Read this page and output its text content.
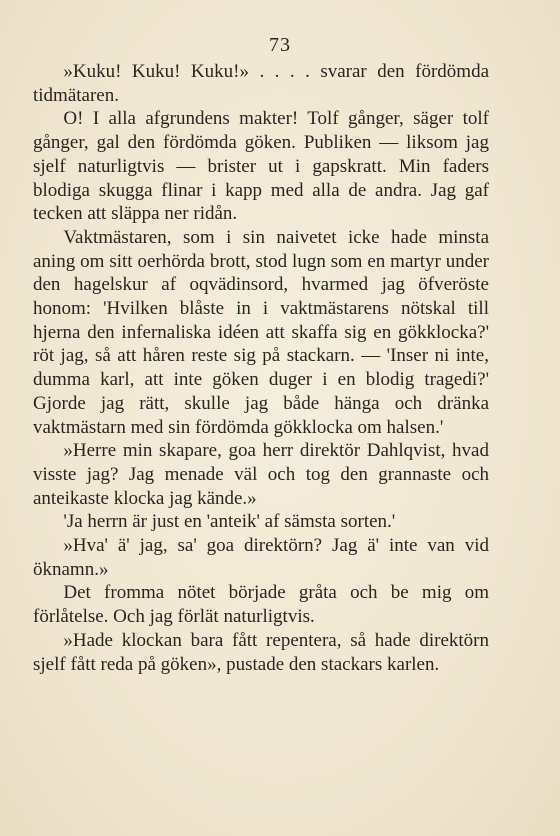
73

»Kuku! Kuku! Kuku!» . . . . svarar den fördömda tidmätaren.

O! I alla afgrundens makter! Tolf gånger, säger tolf gånger, gal den fördömda göken. Publiken — liksom jag sjelf naturligtvis — brister ut i gapskratt. Min faders blodiga skugga flinar i kapp med alla de andra. Jag gaf tecken att släppa ner ridån.

Vaktmästaren, som i sin naivetet icke hade minsta aning om sitt oerhörda brott, stod lugn som en martyr under den hagelskur af oqvädinsord, hvarmed jag öfveröste honom: 'Hvilken blåste in i vaktmästarens nötskal till hjerna den infernaliska idéen att skaffa sig en gökklocka?' röt jag, så att håren reste sig på stackarn. — 'Inser ni inte, dumma karl, att inte göken duger i en blodig tragedi?' Gjorde jag rätt, skulle jag både hänga och dränka vaktmästarn med sin fördömda gökklocka om halsen.'

»Herre min skapare, goa herr direktör Dahlqvist, hvad visste jag? Jag menade väl och tog den grannaste och anteikaste klocka jag kände.»

'Ja herrn är just en 'anteik' af sämsta sorten.'

»Hva' ä' jag, sa' goa direktörn? Jag ä' inte van vid öknamn.»

Det fromma nötet började gråta och be mig om förlåtelse. Och jag förlät naturligtvis.

»Hade klockan bara fått repentera, så hade direktörn sjelf fått reda på göken», pustade den stackars karlen.
